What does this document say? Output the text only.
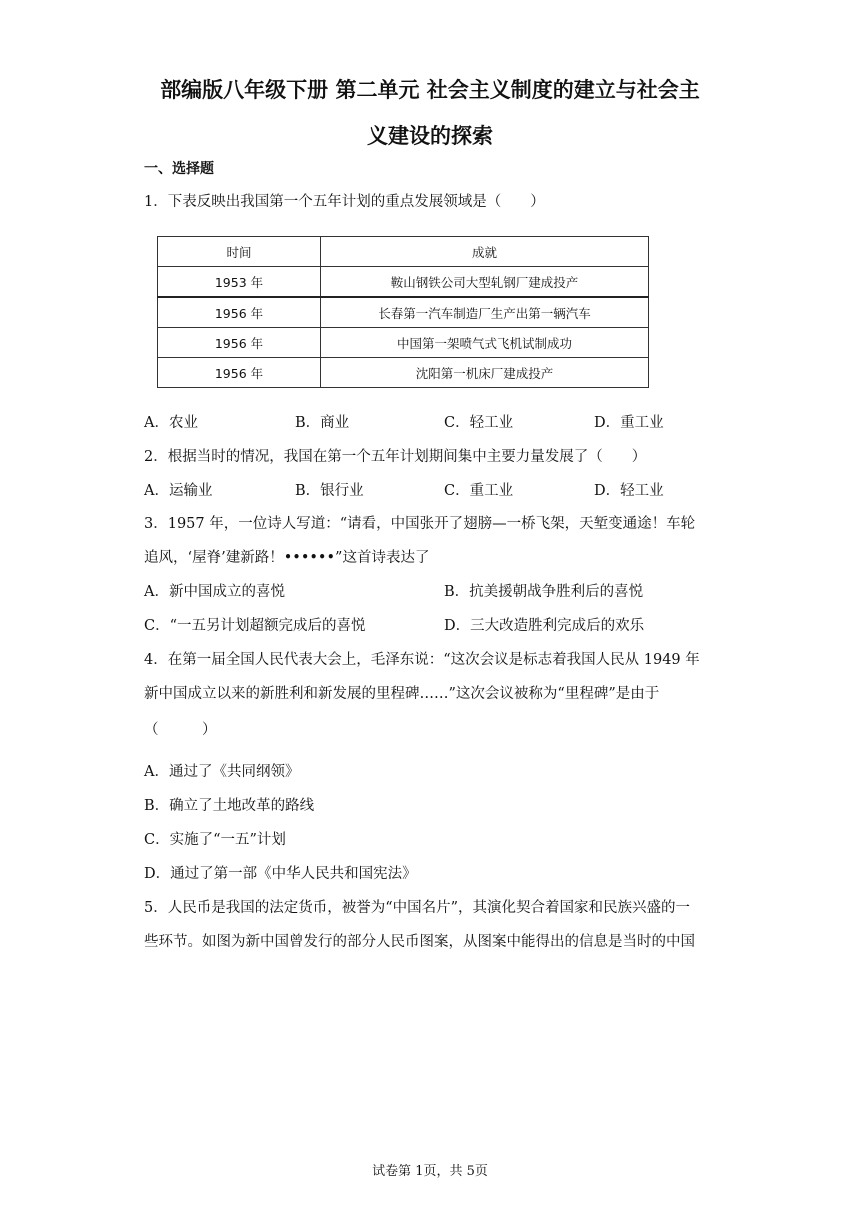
部编版八年级下册 第二单元 社会主义制度的建立与社会主
义建设的探索
一、选择题
1．下表反映出我国第一个五年计划的重点发展领域是（　　）
时间	成就
1953 年	鞍山钢铁公司大型轧钢厂建成投产
1956 年	长春第一汽车制造厂生产出第一辆汽车
1956 年	中国第一架喷气式飞机试制成功
1956 年	沈阳第一机床厂建成投产
A．农业	B．商业	C．轻工业	D．重工业
2．根据当时的情况，我国在第一个五年计划期间集中主要力量发展了（　　）
A．运输业	B．银行业	C．重工业	D．轻工业
3．1957 年，一位诗人写道：“请看，中国张开了翅膀—一桥飞架，天堑变通途！车轮
追风，‘屋脊’建新路！••••••”这首诗表达了
A．新中国成立的喜悦	B．抗美援朝战争胜利后的喜悦
C．“一五另计划超额完成后的喜悦	D．三大改造胜利完成后的欢乐
4．在第一届全国人民代表大会上，毛泽东说：“这次会议是标志着我国人民从 1949 年
新中国成立以来的新胜利和新发展的里程碑……”这次会议被称为“里程碑”是由于
（　　　）
A．通过了《共同纲领》
B．确立了土地改革的路线
C．实施了“一五”计划
D．通过了第一部《中华人民共和国宪法》
5．人民币是我国的法定货币，被誉为“中国名片”，其演化契合着国家和民族兴盛的一
些环节。如图为新中国曾发行的部分人民币图案，从图案中能得出的信息是当时的中国
试卷第 1页，共 5页
